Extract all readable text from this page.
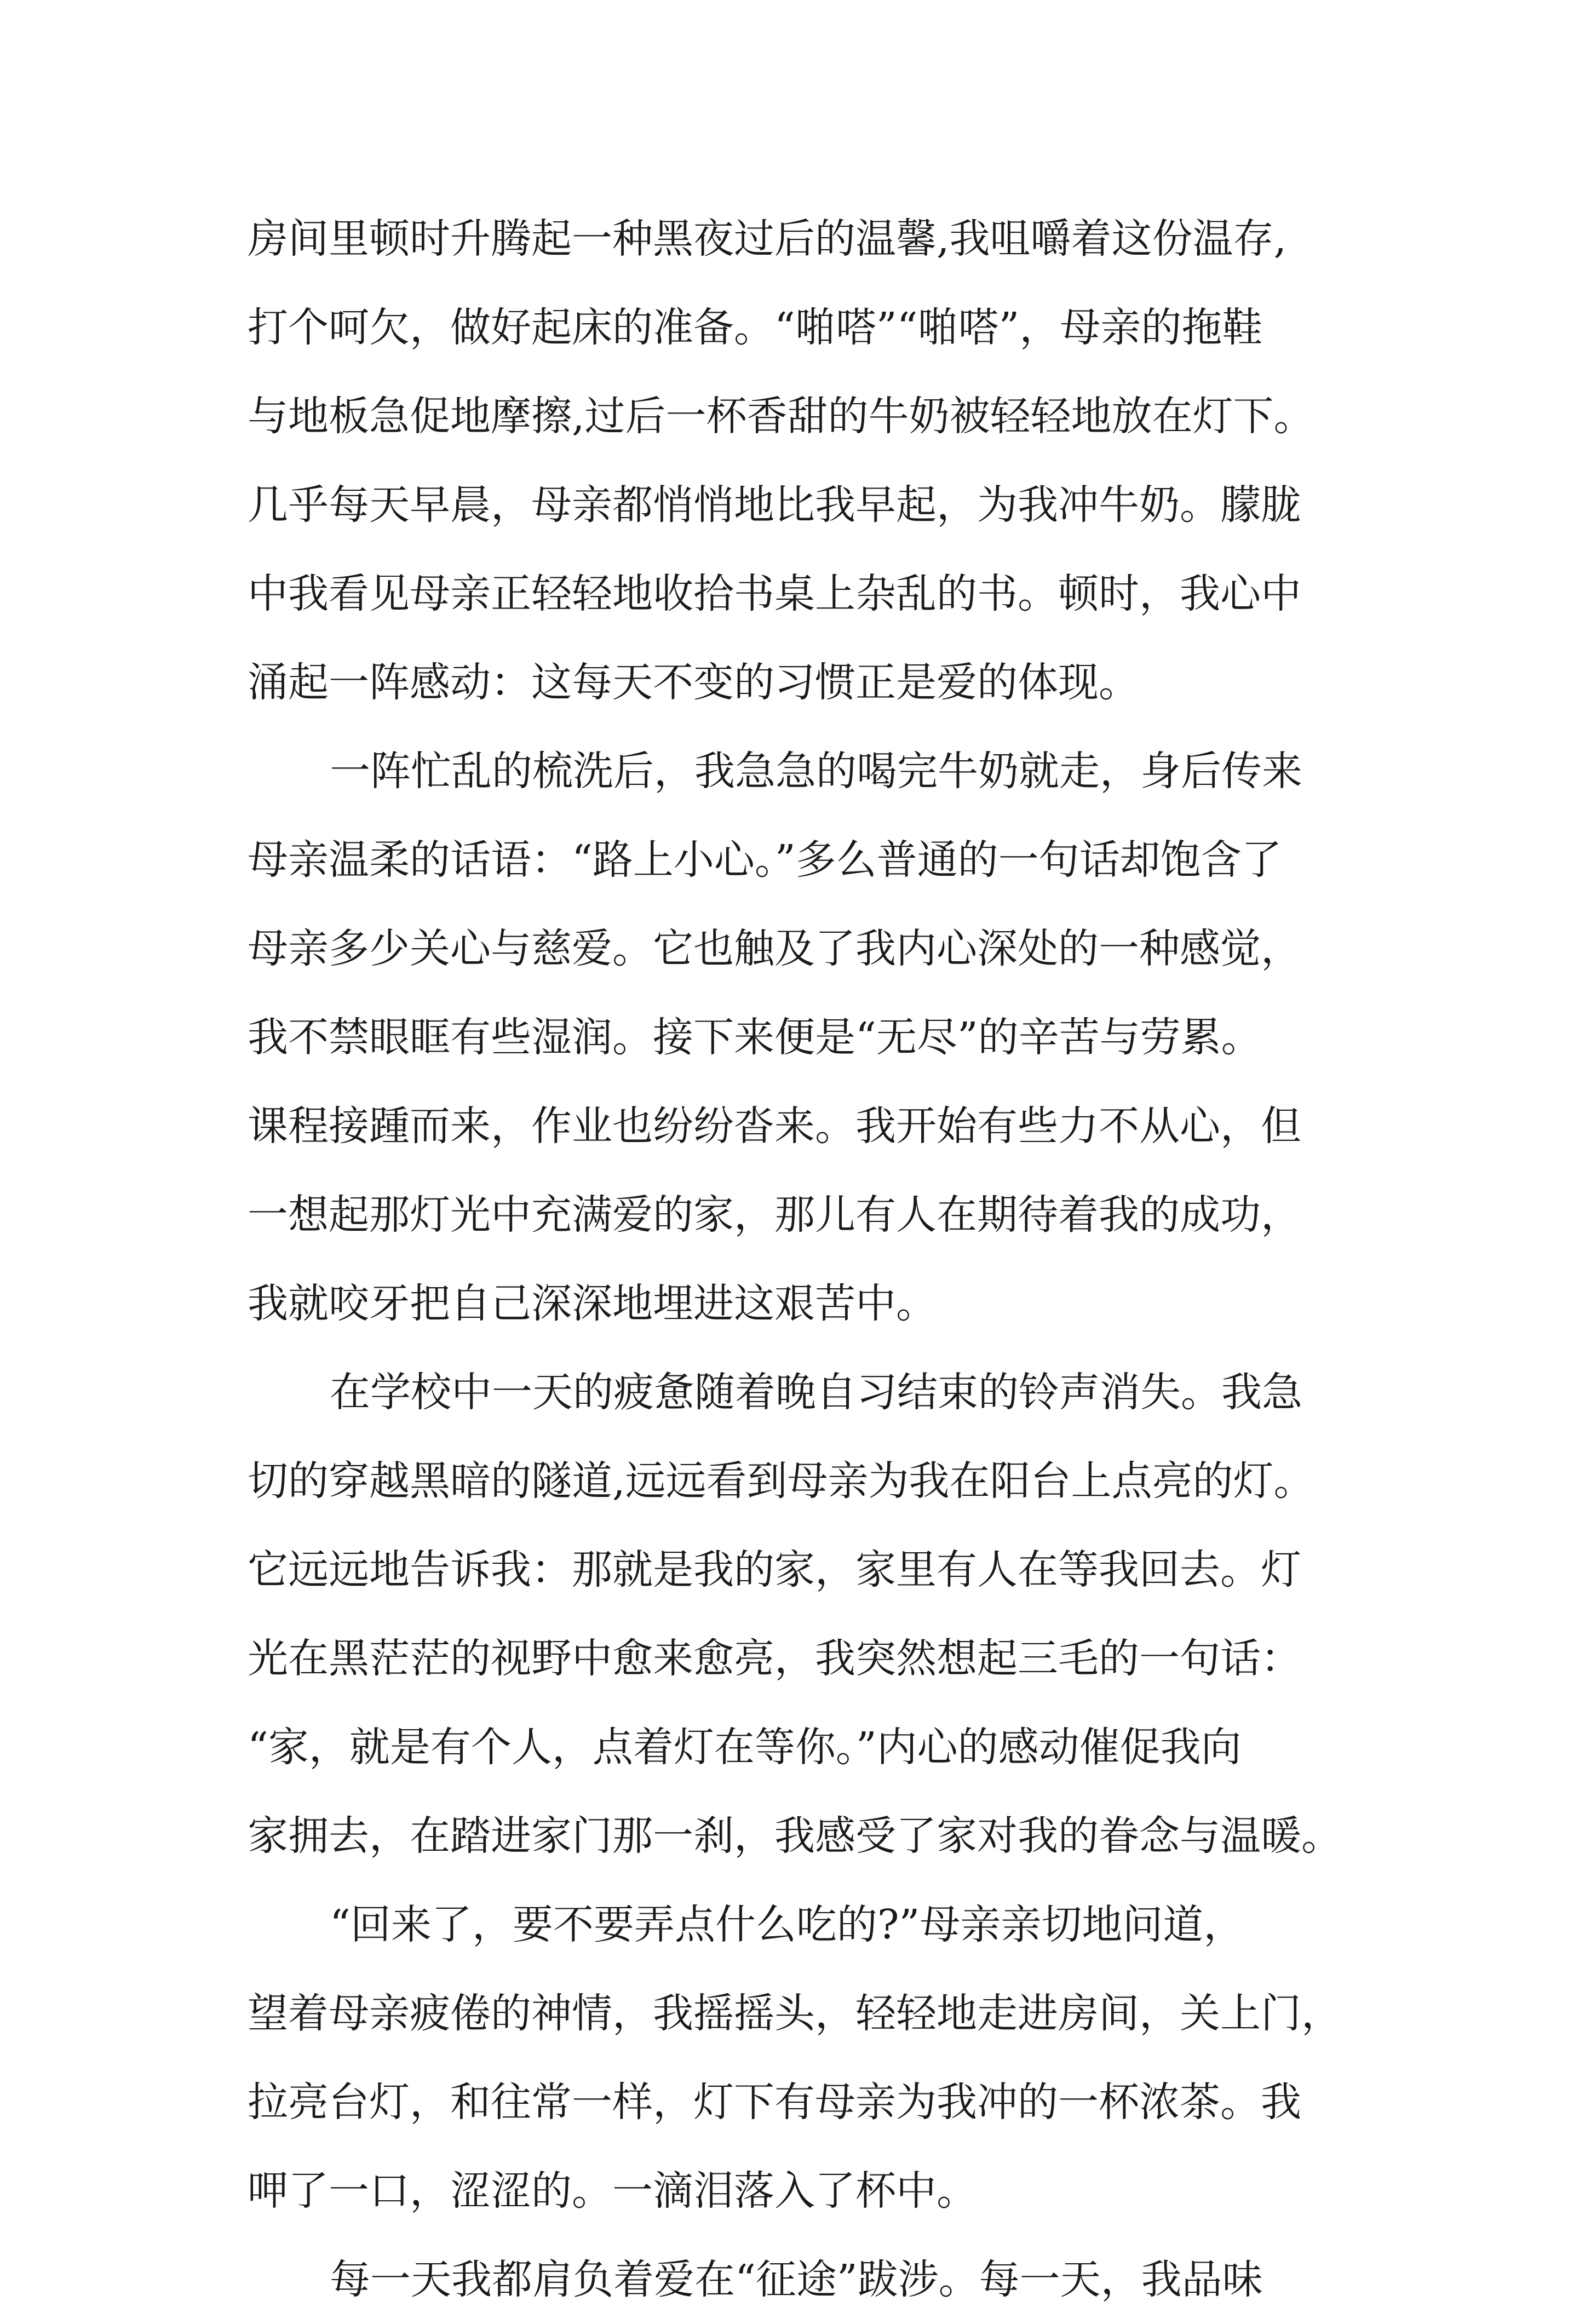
房间里顿时升腾起一种黑夜过后的温馨,我咀嚼着这份温存,
打个呵欠，做好起床的准备。“啪嗒”“啪嗒”，母亲的拖鞋
与地板急促地摩擦,过后一杯香甜的牛奶被轻轻地放在灯下。
几乎每天早晨，母亲都悄悄地比我早起，为我冲牛奶。朦胧
中我看见母亲正轻轻地收拾书桌上杂乱的书。顿时，我心中
涌起一阵感动：这每天不变的习惯正是爱的体现。
一阵忙乱的梳洗后，我急急的喝完牛奶就走，身后传来
母亲温柔的话语：“路上小心。”多么普通的一句话却饱含了
母亲多少关心与慈爱。它也触及了我内心深处的一种感觉，
我不禁眼眶有些湿润。接下来便是“无尽”的辛苦与劳累。
课程接踵而来，作业也纷纷沓来。我开始有些力不从心，但
一想起那灯光中充满爱的家，那儿有人在期待着我的成功，
我就咬牙把自己深深地埋进这艰苦中。
在学校中一天的疲惫随着晚自习结束的铃声消失。我急
切的穿越黑暗的隧道,远远看到母亲为我在阳台上点亮的灯。
它远远地告诉我：那就是我的家，家里有人在等我回去。灯
光在黑茫茫的视野中愈来愈亮，我突然想起三毛的一句话：
“家，就是有个人，点着灯在等你。”内心的感动催促我向
家拥去，在踏进家门那一刹，我感受了家对我的眷念与温暖。
“回来了，要不要弄点什么吃的?”母亲亲切地问道，
望着母亲疲倦的神情，我摇摇头，轻轻地走进房间，关上门，
拉亮台灯，和往常一样，灯下有母亲为我冲的一杯浓茶。我
呷了一口，涩涩的。一滴泪落入了杯中。
每一天我都肩负着爱在“征途”跋涉。每一天，我品味
